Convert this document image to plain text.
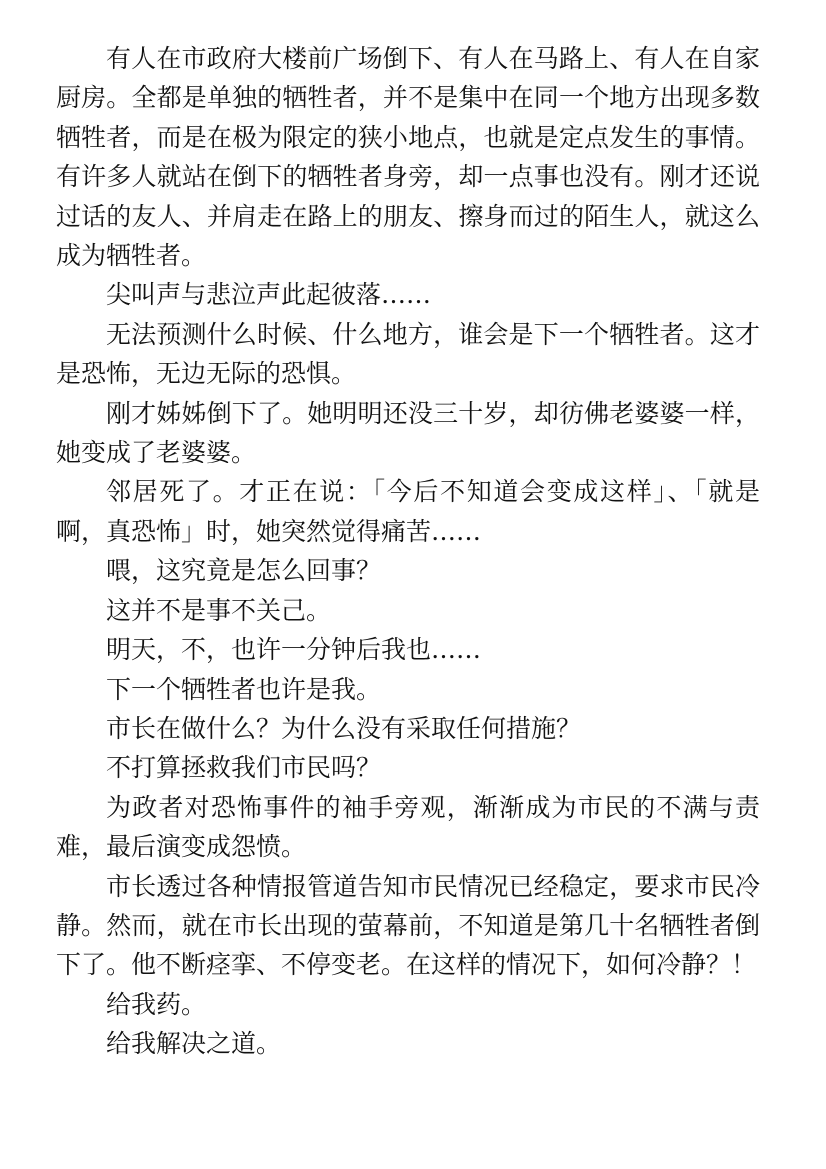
有人在市政府大楼前广场倒下、有人在马路上、有人在自家厨房。全都是单独的牺牲者，并不是集中在同一个地方出现多数牺牲者，而是在极为限定的狭小地点，也就是定点发生的事情。有许多人就站在倒下的牺牲者身旁，却一点事也没有。刚才还说过话的友人、并肩走在路上的朋友、擦身而过的陌生人，就这么成为牺牲者。

尖叫声与悲泣声此起彼落……

无法预测什么时候、什么地方，谁会是下一个牺牲者。这才是恐怖，无边无际的恐惧。

刚才姊姊倒下了。她明明还没三十岁，却彷佛老婆婆一样，她变成了老婆婆。

邻居死了。才正在说：「今后不知道会变成这样」、「就是啊，真恐怖」时，她突然觉得痛苦……

喂，这究竟是怎么回事？

这并不是事不关己。

明天，不，也许一分钟后我也……

下一个牺牲者也许是我。

市长在做什么？为什么没有采取任何措施？

不打算拯救我们市民吗？

为政者对恐怖事件的袖手旁观，渐渐成为市民的不满与责难，最后演变成怨愤。

市长透过各种情报管道告知市民情况已经稳定，要求市民冷静。然而，就在市长出现的萤幕前，不知道是第几十名牺牲者倒下了。他不断痉挛、不停变老。在这样的情况下，如何冷静？！

给我药。

给我解决之道。
